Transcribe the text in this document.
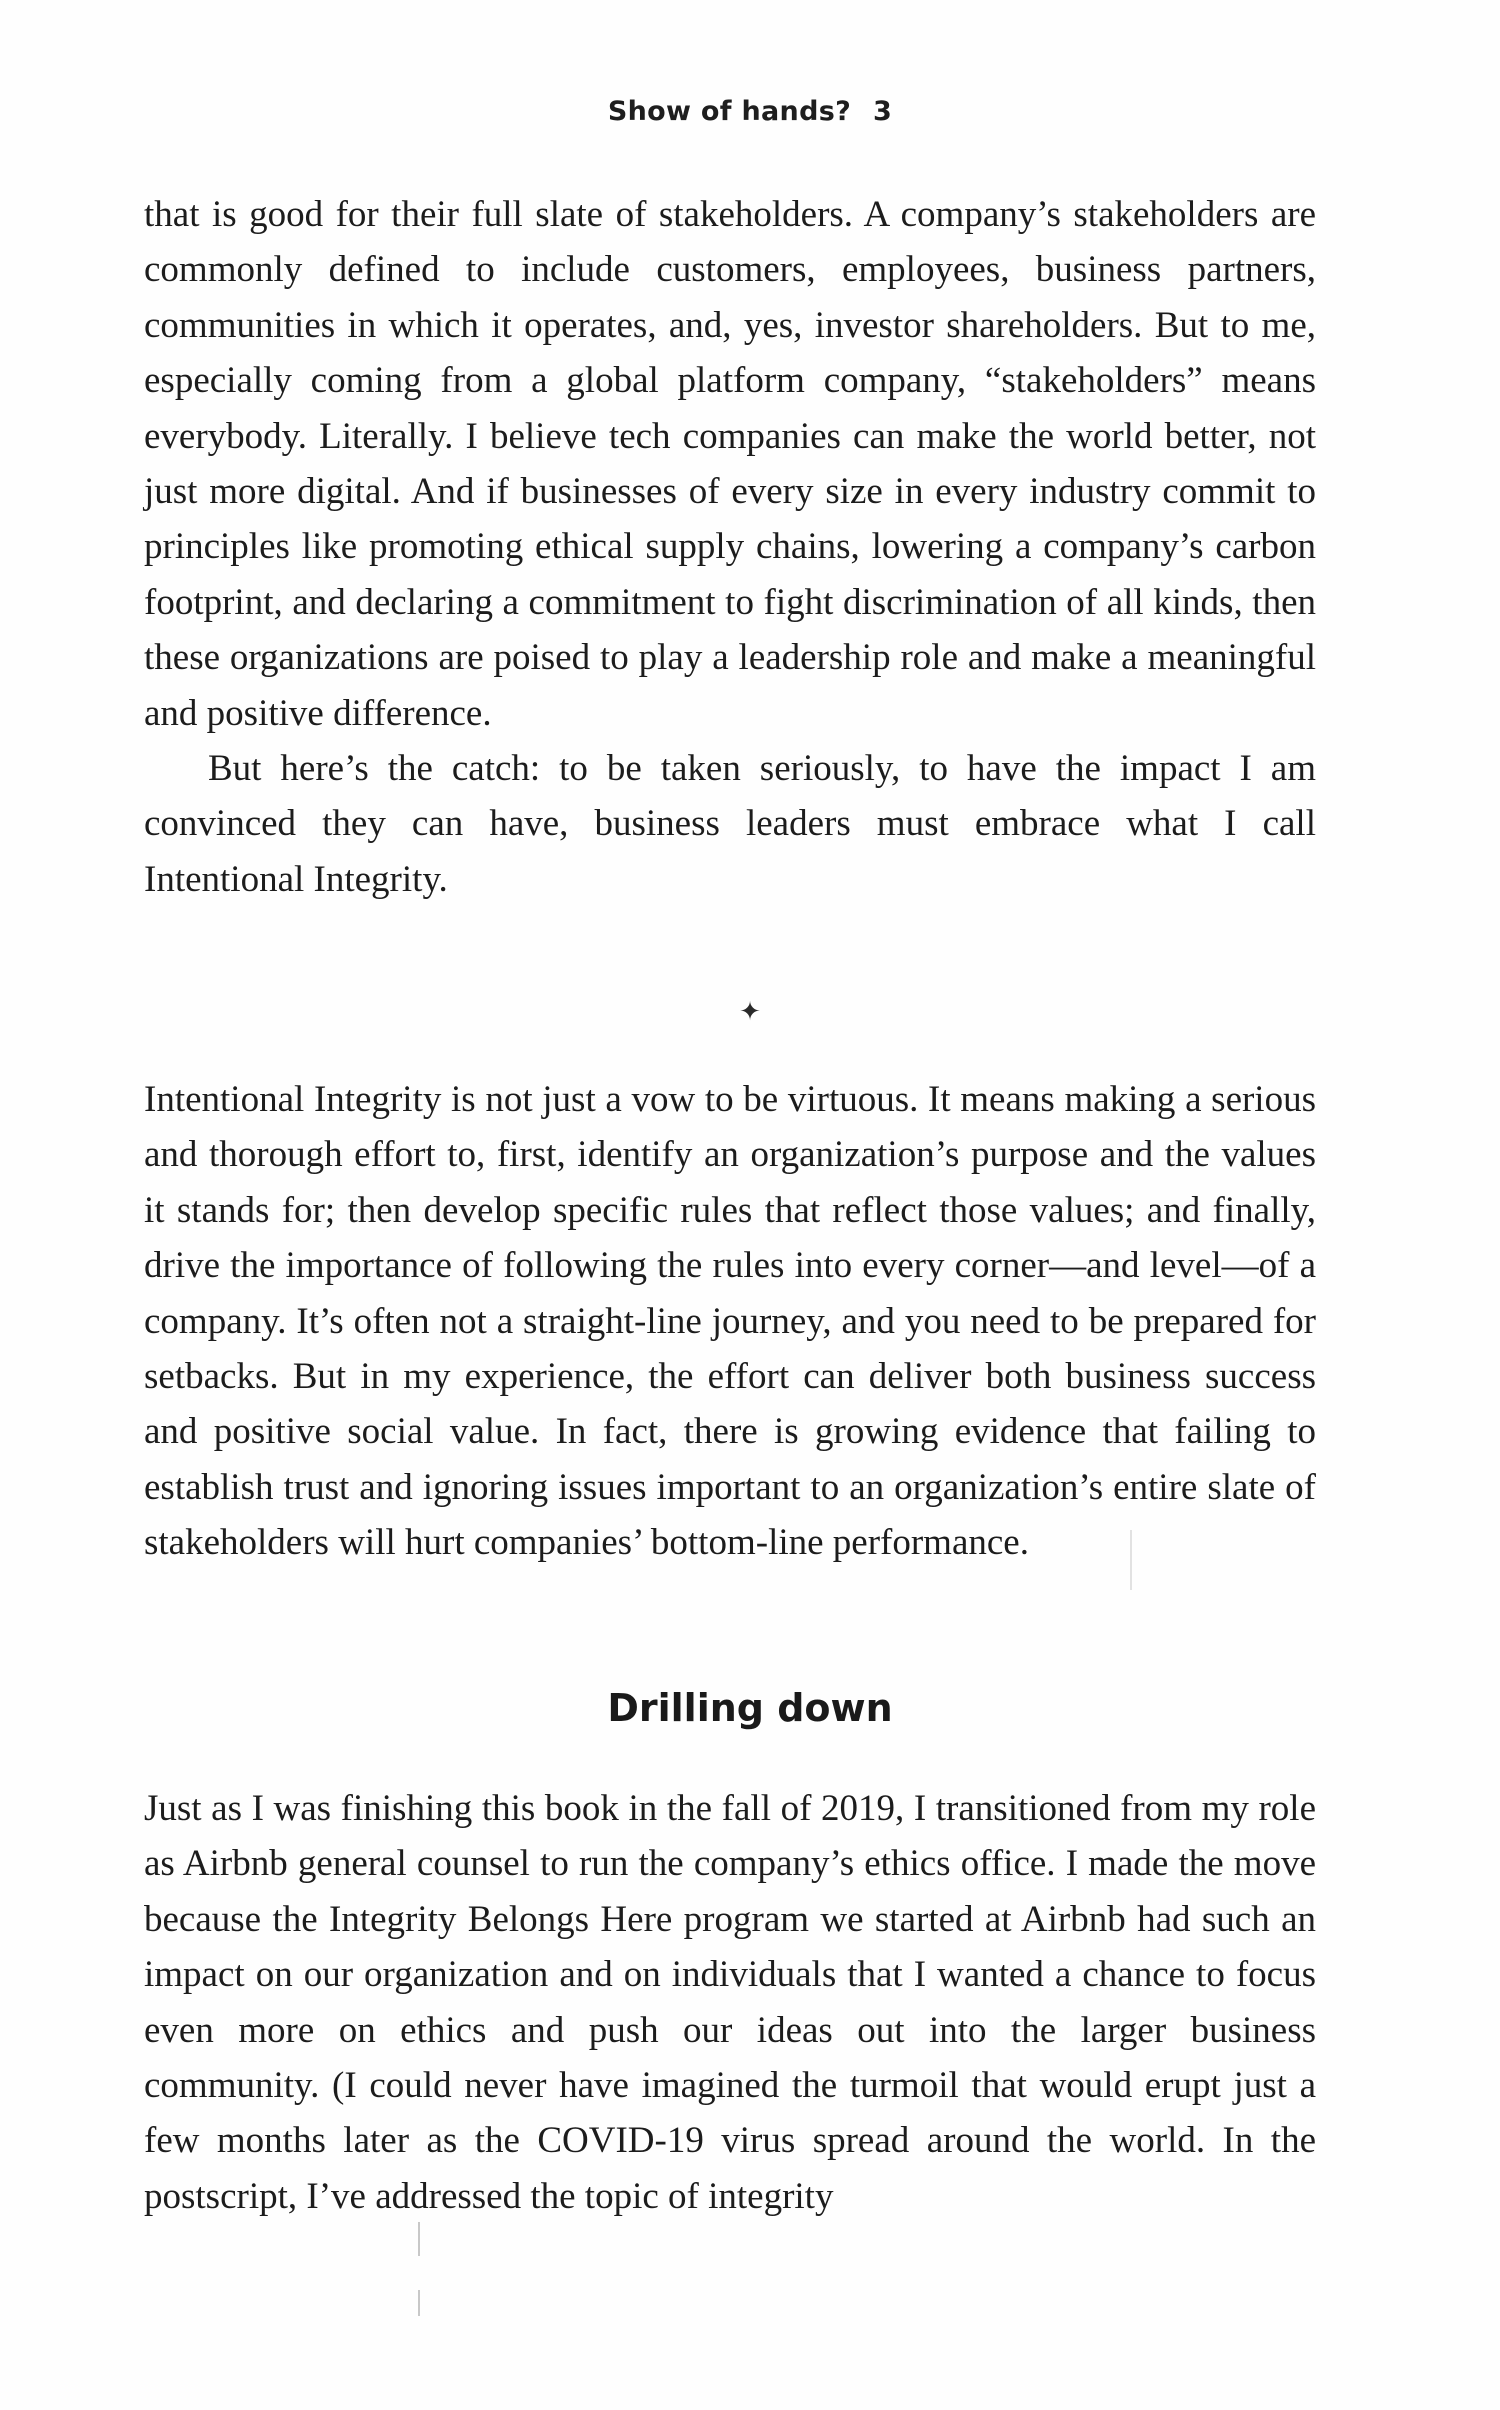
Show of hands? 3

that is good for their full slate of stakeholders. A company’s stakeholders are commonly defined to include customers, employees, business partners, communities in which it operates, and, yes, investor shareholders. But to me, especially coming from a global platform company, “stakeholders” means everybody. Literally. I believe tech companies can make the world better, not just more digital. And if businesses of every size in every industry commit to principles like promoting ethical supply chains, lowering a company’s carbon footprint, and declaring a commitment to fight discrimination of all kinds, then these organizations are poised to play a leadership role and make a meaningful and positive difference.

But here’s the catch: to be taken seriously, to have the impact I am convinced they can have, business leaders must embrace what I call Intentional Integrity.

✦

Intentional Integrity is not just a vow to be virtuous. It means making a serious and thorough effort to, first, identify an organization’s purpose and the values it stands for; then develop specific rules that reflect those values; and finally, drive the importance of following the rules into every corner—and level—of a company. It’s often not a straight-line journey, and you need to be prepared for setbacks. But in my experience, the effort can deliver both business success and positive social value. In fact, there is growing evidence that failing to establish trust and ignoring issues important to an organization’s entire slate of stakeholders will hurt companies’ bottom-line performance.

Drilling down

Just as I was finishing this book in the fall of 2019, I transitioned from my role as Airbnb general counsel to run the company’s ethics office. I made the move because the Integrity Belongs Here program we started at Airbnb had such an impact on our organization and on individuals that I wanted a chance to focus even more on ethics and push our ideas out into the larger business community. (I could never have imagined the turmoil that would erupt just a few months later as the COVID-19 virus spread around the world. In the postscript, I’ve addressed the topic of integrity
